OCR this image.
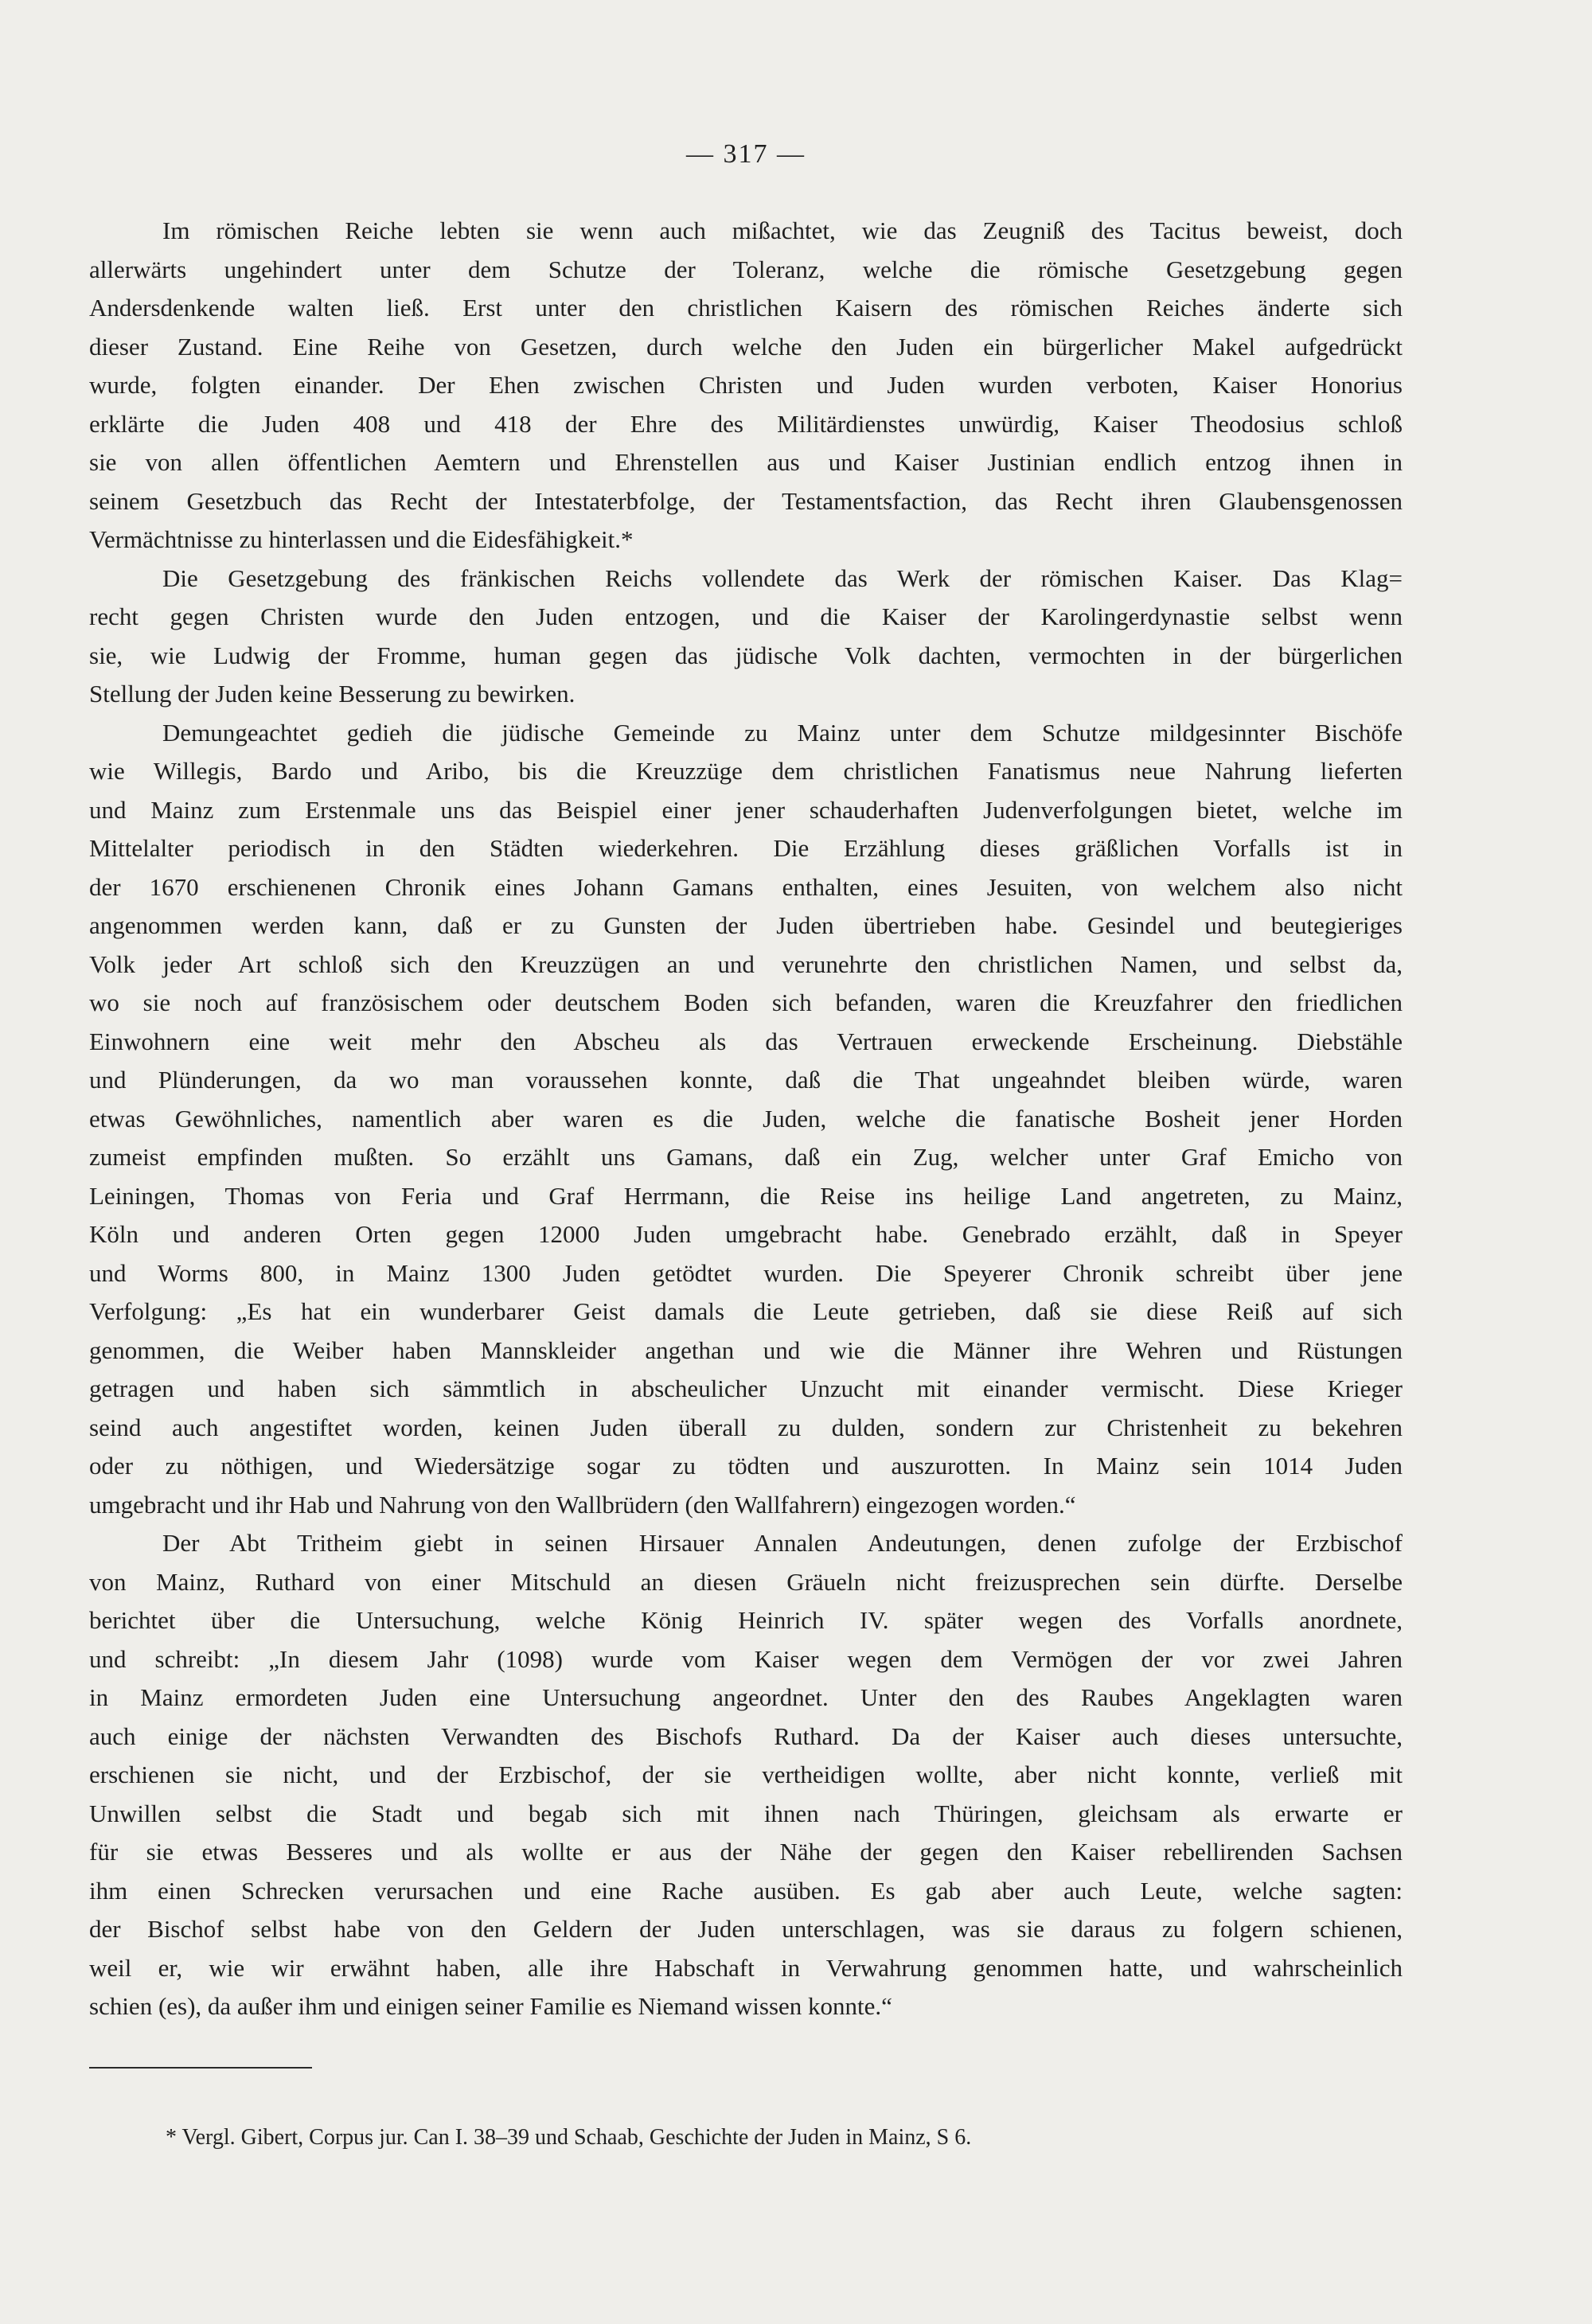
— 317 —
Im römischen Reiche lebten sie wenn auch mißachtet, wie das Zeugniß des Tacitus beweist, doch
allerwärts ungehindert unter dem Schutze der Toleranz, welche die römische Gesetzgebung gegen
Andersdenkende walten ließ. Erst unter den christlichen Kaisern des römischen Reiches änderte sich
dieser Zustand. Eine Reihe von Gesetzen, durch welche den Juden ein bürgerlicher Makel aufgedrückt
wurde, folgten einander. Der Ehen zwischen Christen und Juden wurden verboten, Kaiser Honorius
erklärte die Juden 408 und 418 der Ehre des Militärdienstes unwürdig, Kaiser Theodosius schloß
sie von allen öffentlichen Aemtern und Ehrenstellen aus und Kaiser Justinian endlich entzog ihnen in
seinem Gesetzbuch das Recht der Intestaterbfolge, der Testamentsfaction, das Recht ihren Glaubensgenossen
Vermächtnisse zu hinterlassen und die Eidesfähigkeit.*
Die Gesetzgebung des fränkischen Reichs vollendete das Werk der römischen Kaiser. Das Klag=
recht gegen Christen wurde den Juden entzogen, und die Kaiser der Karolingerdynastie selbst wenn
sie, wie Ludwig der Fromme, human gegen das jüdische Volk dachten, vermochten in der bürgerlichen
Stellung der Juden keine Besserung zu bewirken.
Demungeachtet gedieh die jüdische Gemeinde zu Mainz unter dem Schutze mildgesinnter Bischöfe
wie Willegis, Bardo und Aribo, bis die Kreuzzüge dem christlichen Fanatismus neue Nahrung lieferten
und Mainz zum Erstenmale uns das Beispiel einer jener schauderhaften Judenverfolgungen bietet, welche im
Mittelalter periodisch in den Städten wiederkehren. Die Erzählung dieses gräßlichen Vorfalls ist in
der 1670 erschienenen Chronik eines Johann Gamans enthalten, eines Jesuiten, von welchem also nicht
angenommen werden kann, daß er zu Gunsten der Juden übertrieben habe. Gesindel und beutegieriges
Volk jeder Art schloß sich den Kreuzzügen an und verunehrte den christlichen Namen, und selbst da,
wo sie noch auf französischem oder deutschem Boden sich befanden, waren die Kreuzfahrer den friedlichen
Einwohnern eine weit mehr den Abscheu als das Vertrauen erweckende Erscheinung. Diebstähle
und Plünderungen, da wo man voraussehen konnte, daß die That ungeahndet bleiben würde, waren
etwas Gewöhnliches, namentlich aber waren es die Juden, welche die fanatische Bosheit jener Horden
zumeist empfinden mußten. So erzählt uns Gamans, daß ein Zug, welcher unter Graf Emicho von
Leiningen, Thomas von Feria und Graf Herrmann, die Reise ins heilige Land angetreten, zu Mainz,
Köln und anderen Orten gegen 12000 Juden umgebracht habe. Genebrado erzählt, daß in Speyer
und Worms 800, in Mainz 1300 Juden getödtet wurden. Die Speyerer Chronik schreibt über jene
Verfolgung: „Es hat ein wunderbarer Geist damals die Leute getrieben, daß sie diese Reiß auf sich
genommen, die Weiber haben Mannskleider angethan und wie die Männer ihre Wehren und Rüstungen
getragen und haben sich sämmtlich in abscheulicher Unzucht mit einander vermischt. Diese Krieger
seind auch angestiftet worden, keinen Juden überall zu dulden, sondern zur Christenheit zu bekehren
oder zu nöthigen, und Wiedersätzige sogar zu tödten und auszurotten. In Mainz sein 1014 Juden
umgebracht und ihr Hab und Nahrung von den Wallbrüdern (den Wallfahrern) eingezogen worden.“
Der Abt Tritheim giebt in seinen Hirsauer Annalen Andeutungen, denen zufolge der Erzbischof
von Mainz, Ruthard von einer Mitschuld an diesen Gräueln nicht freizusprechen sein dürfte. Derselbe
berichtet über die Untersuchung, welche König Heinrich IV. später wegen des Vorfalls anordnete,
und schreibt: „In diesem Jahr (1098) wurde vom Kaiser wegen dem Vermögen der vor zwei Jahren
in Mainz ermordeten Juden eine Untersuchung angeordnet. Unter den des Raubes Angeklagten waren
auch einige der nächsten Verwandten des Bischofs Ruthard. Da der Kaiser auch dieses untersuchte,
erschienen sie nicht, und der Erzbischof, der sie vertheidigen wollte, aber nicht konnte, verließ mit
Unwillen selbst die Stadt und begab sich mit ihnen nach Thüringen, gleichsam als erwarte er
für sie etwas Besseres und als wollte er aus der Nähe der gegen den Kaiser rebellirenden Sachsen
ihm einen Schrecken verursachen und eine Rache ausüben. Es gab aber auch Leute, welche sagten:
der Bischof selbst habe von den Geldern der Juden unterschlagen, was sie daraus zu folgern schienen,
weil er, wie wir erwähnt haben, alle ihre Habschaft in Verwahrung genommen hatte, und wahrscheinlich
schien (es), da außer ihm und einigen seiner Familie es Niemand wissen konnte.“
* Vergl. Gibert, Corpus jur. Can I. 38–39 und Schaab, Geschichte der Juden in Mainz, S 6.
